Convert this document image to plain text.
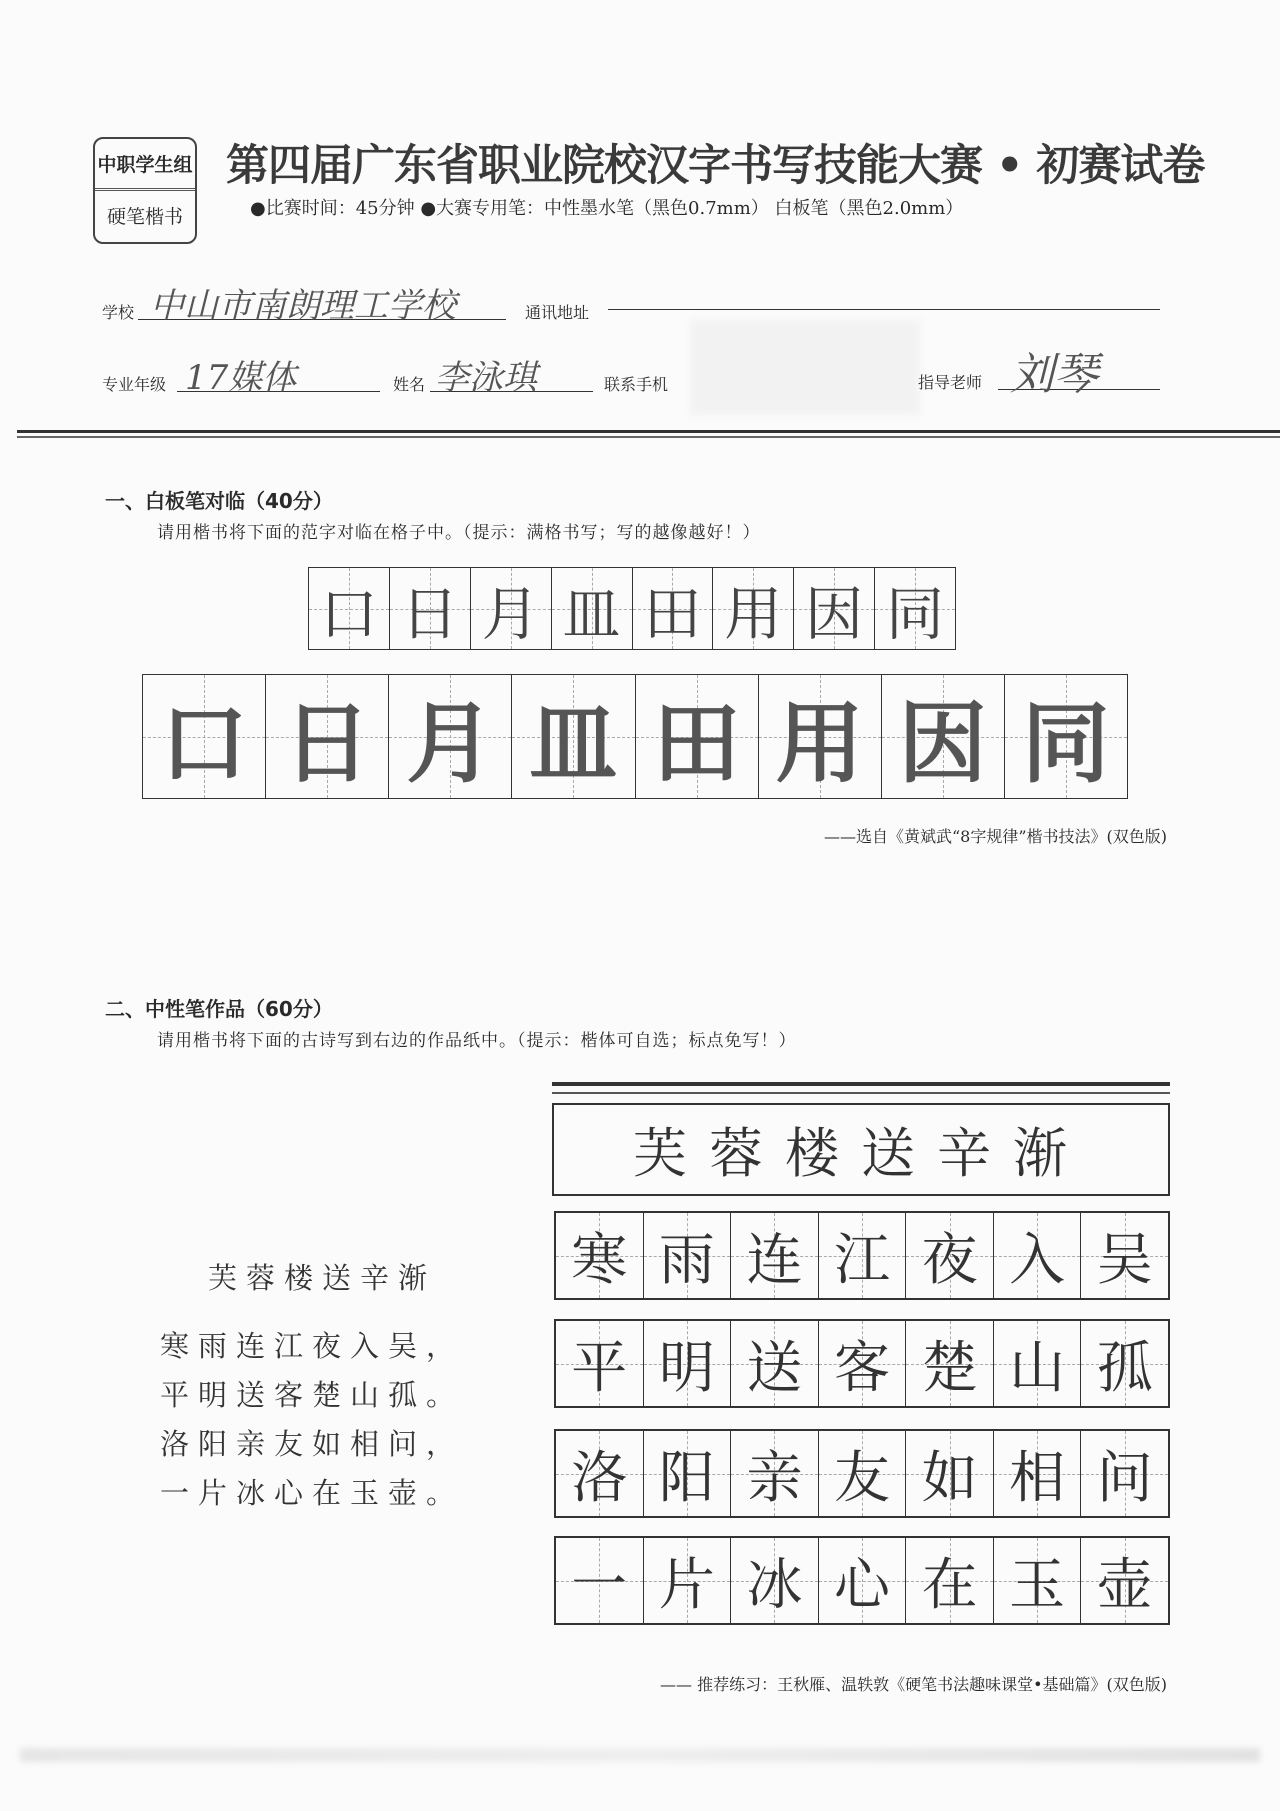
中职学生组
硬笔楷书
第四届广东省职业院校汉字书写技能大赛 • 初赛试卷
●比赛时间：45分钟 ●大赛专用笔：中性墨水笔（黑色0.7mm） 白板笔（黑色2.0mm）
学校 中山市南朗理工学校	通讯地址
专业年级 17媒体	姓名 李泳琪	联系手机	指导老师 刘琴
一、白板笔对临（40分）
请用楷书将下面的范字对临在格子中。（提示：满格书写；写的越像越好！）
口 日 月 皿 田 用 因 同
口 日 月 皿 田 用 因 同
——选自《黄斌武“8字规律”楷书技法》(双色版)
二、中性笔作品（60分）
请用楷书将下面的古诗写到右边的作品纸中。（提示：楷体可自选；标点免写！）
芙蓉楼送辛渐
寒雨连江夜入吴，
平明送客楚山孤。
洛阳亲友如相问，
一片冰心在玉壶。
芙蓉楼送辛渐
寒 雨 连 江 夜 入 吴
平 明 送 客 楚 山 孤
洛 阳 亲 友 如 相 问
一 片 冰 心 在 玉 壶
—— 推荐练习：王秋雁、温轶敦《硬笔书法趣味课堂•基础篇》(双色版)
